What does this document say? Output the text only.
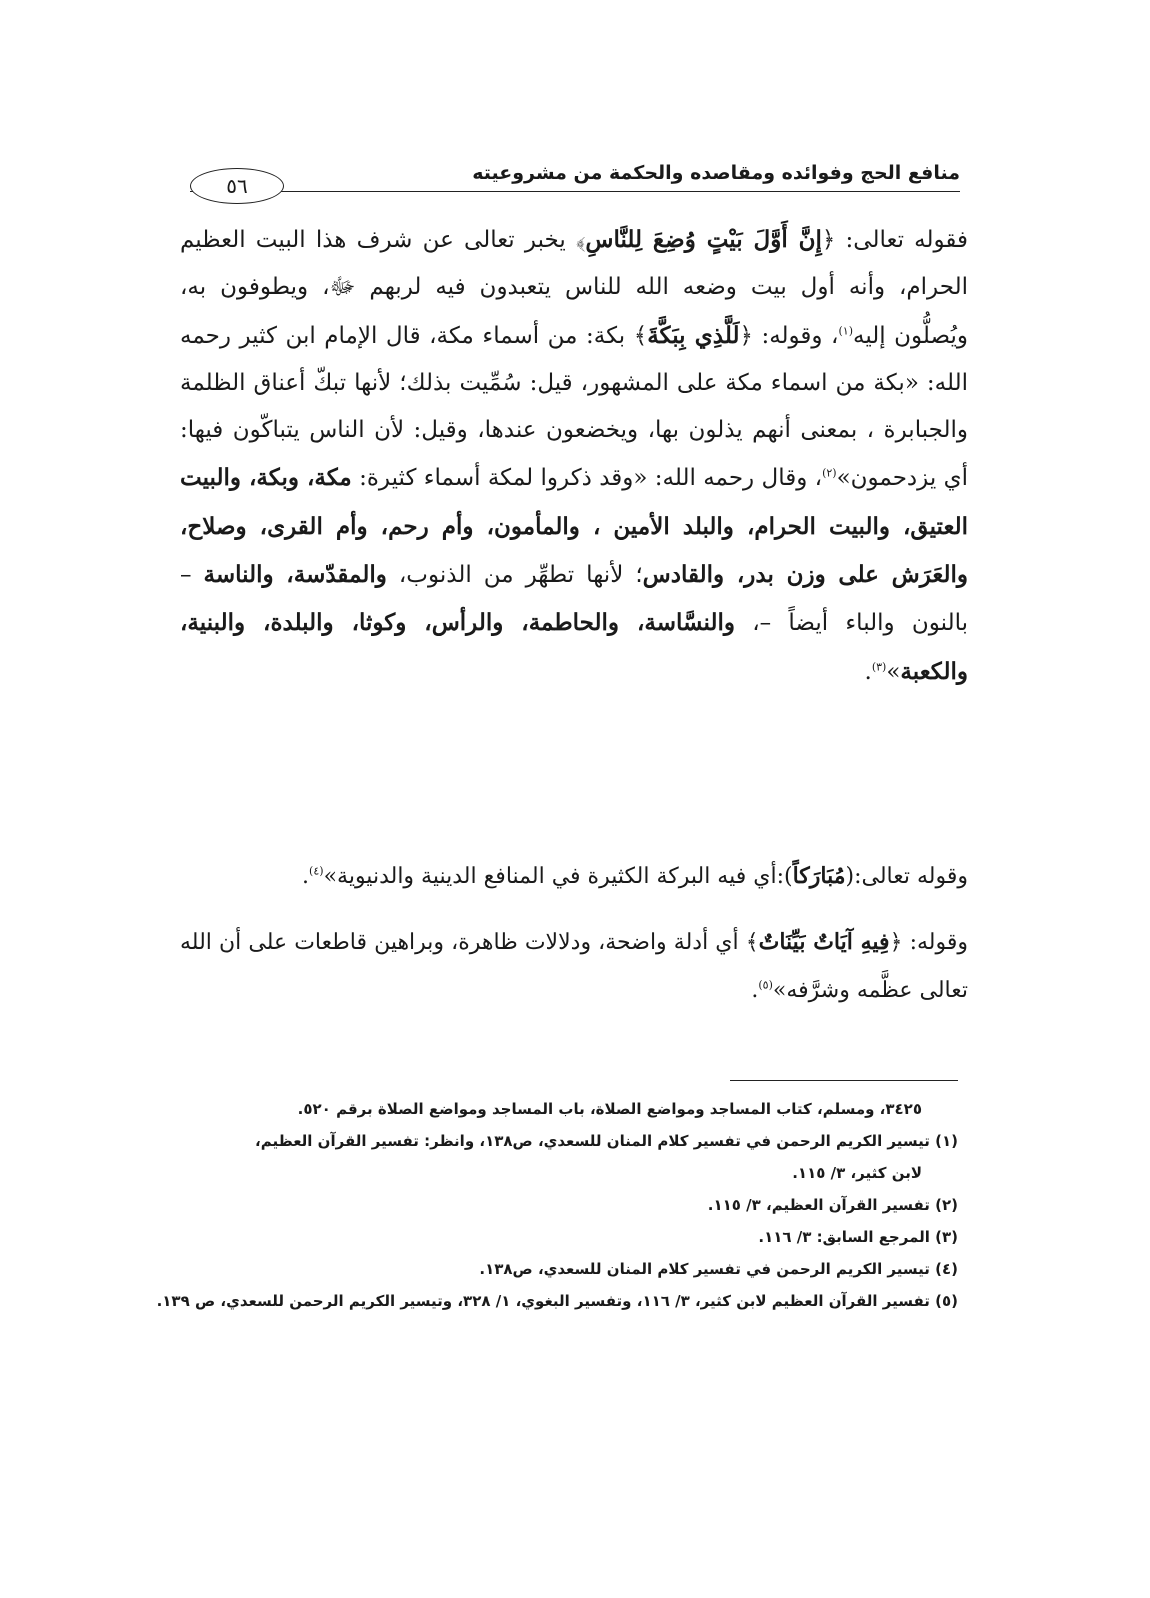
منافع الحج وفوائده ومقاصده والحكمة من مشروعيته
٥٦
فقوله تعالى: ﴿إِنَّ أَوَّلَ بَيْتٍ وُضِعَ لِلنَّاسِ﴾ يخبر تعالى عن شرف هذا البيت العظيم الحرام، وأنه أول بيت وضعه الله للناس يتعبدون فيه لربهم ﷻ، ويطوفون به، ويُصلُّون إليه$^{(١)}$، وقوله: ﴿لَلَّذِي بِبَكَّةَ﴾ بكة: من أسماء مكة، قال الإمام ابن كثير رحمه الله: «بكة من اسماء مكة على المشهور، قيل: سُمِّيت بذلك؛ لأنها تبكّ أعناق الظلمة والجبابرة ، بمعنى أنهم يذلون بها، ويخضعون عندها، وقيل: لأن الناس يتباكّون فيها: أي يزدحمون»$^{(٢)}$، وقال رحمه الله: «وقد ذكروا لمكة أسماء كثيرة: مكة، وبكة، والبيت العتيق، والبيت الحرام، والبلد الأمين ، والمأمون، وأم رحم، وأم القرى، وصلاح، والعَرَش على وزن بدر، والقادس؛ لأنها تطهِّر من الذنوب، والمقدّسة، والناسة – بالنون والباء أيضاً –، والنسَّاسة، والحاطمة، والرأس، وكوثا، والبلدة، والبنية، والكعبة»$^{(٣)}$.
وقوله تعالى:(مُبَارَكاً):أي فيه البركة الكثيرة في المنافع الدينية والدنيوية»$^{(٤)}$.
وقوله: ﴿فِيهِ آيَاتٌ بَيِّنَاتٌ﴾ أي أدلة واضحة، ودلالات ظاهرة، وبراهين قاطعات على أن الله تعالى عظَّمه وشرَّفه»$^{(٥)}$.

٣٤٢٥، ومسلم، كتاب المساجد ومواضع الصلاة، باب المساجد ومواضع الصلاة برقم ٥٢٠.

(١) تيسير الكريم الرحمن في تفسير كلام المنان للسعدي، ص١٣٨، وانظر: تفسير القرآن العظيم،

لابن كثير، ٣/ ١١٥.

(٢) تفسير القرآن العظيم، ٣/ ١١٥.

(٣) المرجع السابق: ٣/ ١١٦.

(٤) تيسير الكريم الرحمن في تفسير كلام المنان للسعدي، ص١٣٨.

(٥) تفسير القرآن العظيم لابن كثير، ٣/ ١١٦، وتفسير البغوي، ١/ ٣٢٨، وتيسير الكريم الرحمن للسعدي، ص ١٣٩.
